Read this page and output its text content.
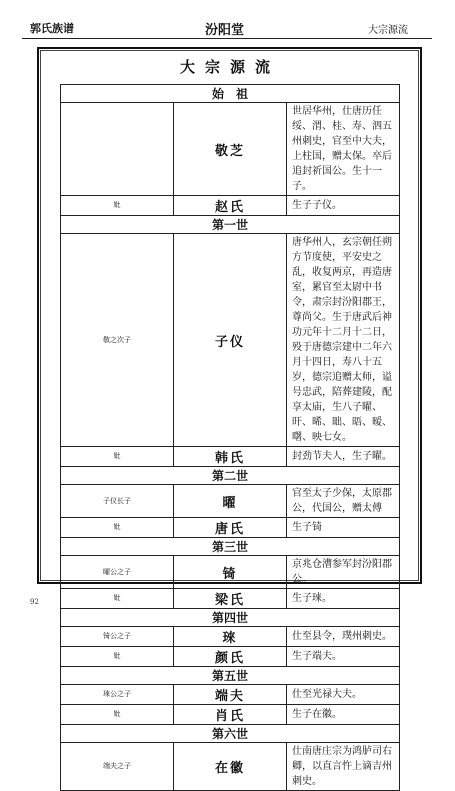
郭氏族谱	汾阳堂	大宗源流
大宗源流
始　祖		
	敬芝	世居华州，仕唐历任绥、渭、桂、寿、泗五州刺史，官至中大夫，上柱国，赠太保。卒后追封祈国公。生十一子。
妣	赵氏	生子子仪。
第一世		
敬之次子	子仪	唐华州人，玄宗朝任朔方节度使，平安史之乱，收复两京，再造唐室，累官至太尉中书令，肃宗封汾阳郡王，尊尚父。生于唐武后神功元年十二月十二日，殁于唐德宗建中二年六月十四日，寿八十五岁，德宗追赠太师，谥号忠武，陪葬建陵，配享太庙，生八子曜、旰、晞、昢、晤、暧、曙、映七女。
妣	韩氏	封劲节夫人，生子曜。
第二世		
子仪长子	曜	官至太子少保，太原郡公，代国公，赠太傅
妣	唐氏	生子锜
第三世		
曜公之子	锜	京兆仓漕参军封汾阳郡公。
妣	梁氏	生子琜。
第四世		
锜公之子	琜	仕至县令，璞州刺史。
妣	颜氏	生子端夫。
第五世		
琜公之子	端夫	仕至光禄大夫。
妣	肖氏	生子在徽。
第六世		
端夫之子	在徽	仕南唐庄宗为鸿胪司右卿，以直言忤上谪吉州刺史。
92
